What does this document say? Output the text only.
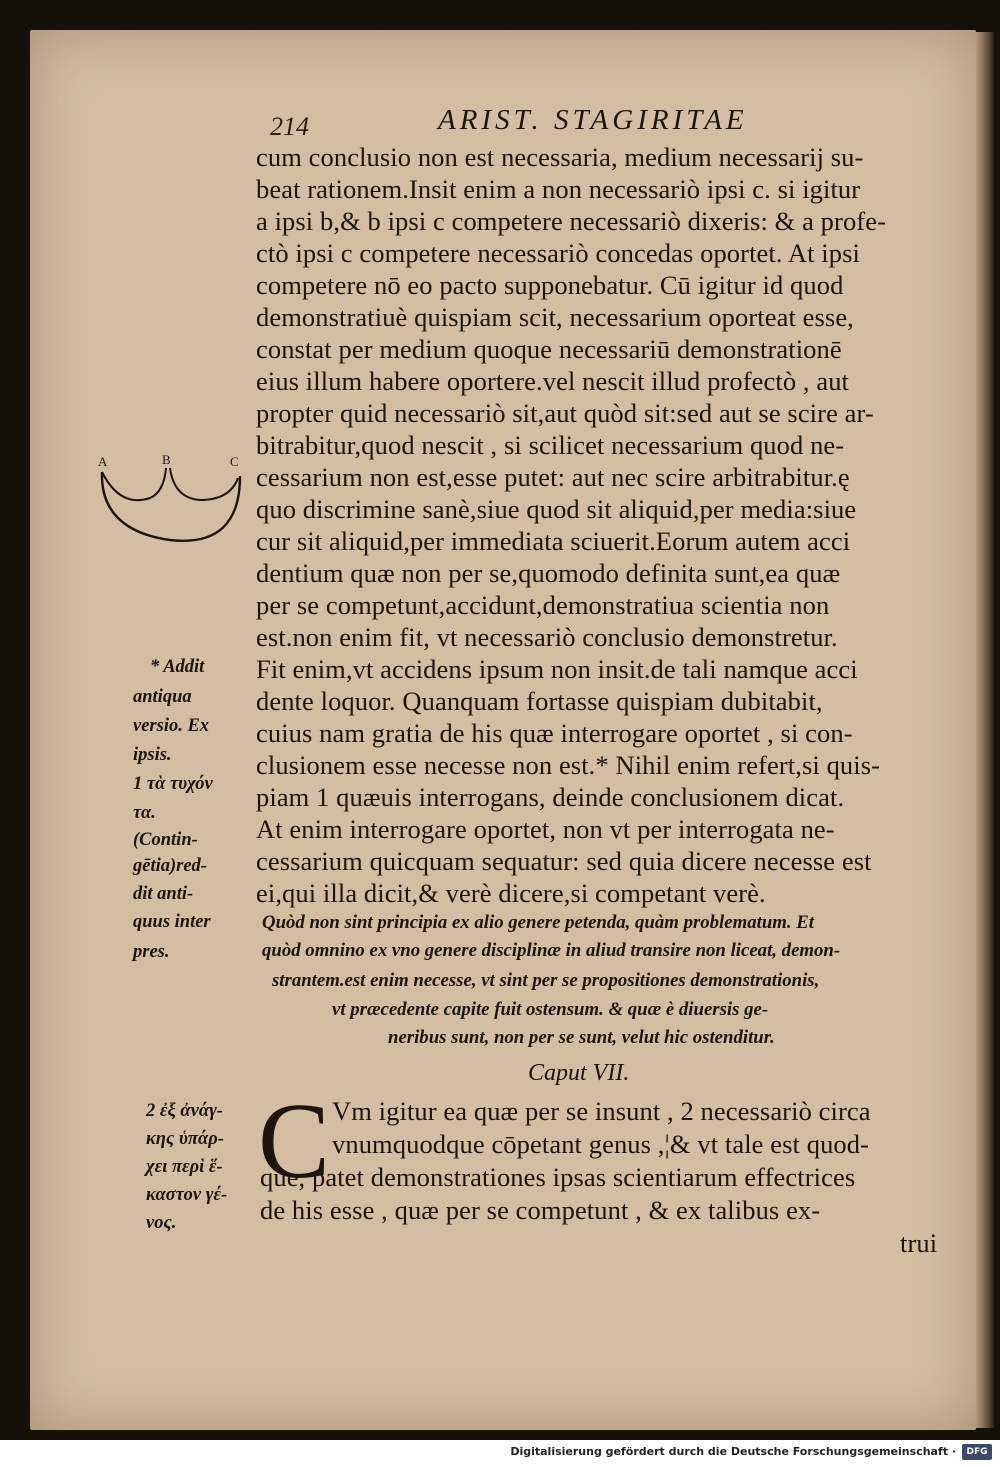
214	ARIST. STAGIRITAE
cum conclusio non est necessaria, medium necessarij su-
beat rationem.Insit enim a non necessariò ipsi c. si igitur
a ipsi b,& b ipsi c competere necessariò dixeris: & a profe-
ctò ipsi c competere necessariò concedas oportet. At ipsi
competere nō eo pacto supponebatur. Cū igitur id quod
demonstratiuè quispiam scit, necessarium oporteat esse,
constat per medium quoque necessariū demonstrationē
eius illum habere oportere.vel nescit illud profectò , aut
propter quid necessariò sit,aut quòd sit:sed aut se scire ar-
bitrabitur,quod nescit , si scilicet necessarium quod ne-
cessarium non est,esse putet: aut nec scire arbitrabitur.ę
quo discrimine sanè,siue quod sit aliquid,per media:siue
cur sit aliquid,per immediata sciuerit.Eorum autem acci
dentium quæ non per se,quomodo definita sunt,ea quæ
per se competunt,accidunt,demonstratiua scientia non
est.non enim fit, vt necessariò conclusio demonstretur.
Fit enim,vt accidens ipsum non insit.de tali namque acci
dente loquor. Quanquam fortasse quispiam dubitabit,
cuius nam gratia de his quæ interrogare oportet , si con-
clusionem esse necesse non est.* Nihil enim refert,si quis-
piam 1 quæuis interrogans, deinde conclusionem dicat.
At enim interrogare oportet, non vt per interrogata ne-
cessarium quicquam sequatur: sed quia dicere necesse est
ei,qui illa dicit,& verè dicere,si competant verè.
A	B	C
* Addit
antiqua
versio. Ex
ipsis.
1 τὰ τυχόν
τα.
(Contin-
gētia)red-
dit anti-
quus inter
pres.
Quòd non sint principia ex alio genere petenda, quàm problematum. Et
quòd omnino ex vno genere disciplinæ in aliud transire non liceat, demon-
strantem.est enim necesse, vt sint per se propositiones demonstrationis,
vt præcedente capite fuit ostensum. & quæ è diuersis ge-
neribus sunt, non per se sunt, velut hic ostenditur.
Caput VII.
2 ἐξ ἀνάγ-
κης ὑπάρ-
χει περὶ ἕ-
καστον γέ-
νος.
C Vm igitur ea quæ per se insunt , 2 necessariò circa
vnumquodque cōpetant genus ,¦& vt tale est quod-
que, patet demonstrationes ipsas scientiarum effectrices
de his esse , quæ per se competunt , & ex talibus ex-
trui
Digitalisierung gefördert durch die Deutsche Forschungsgemeinschaft ·	DFG
